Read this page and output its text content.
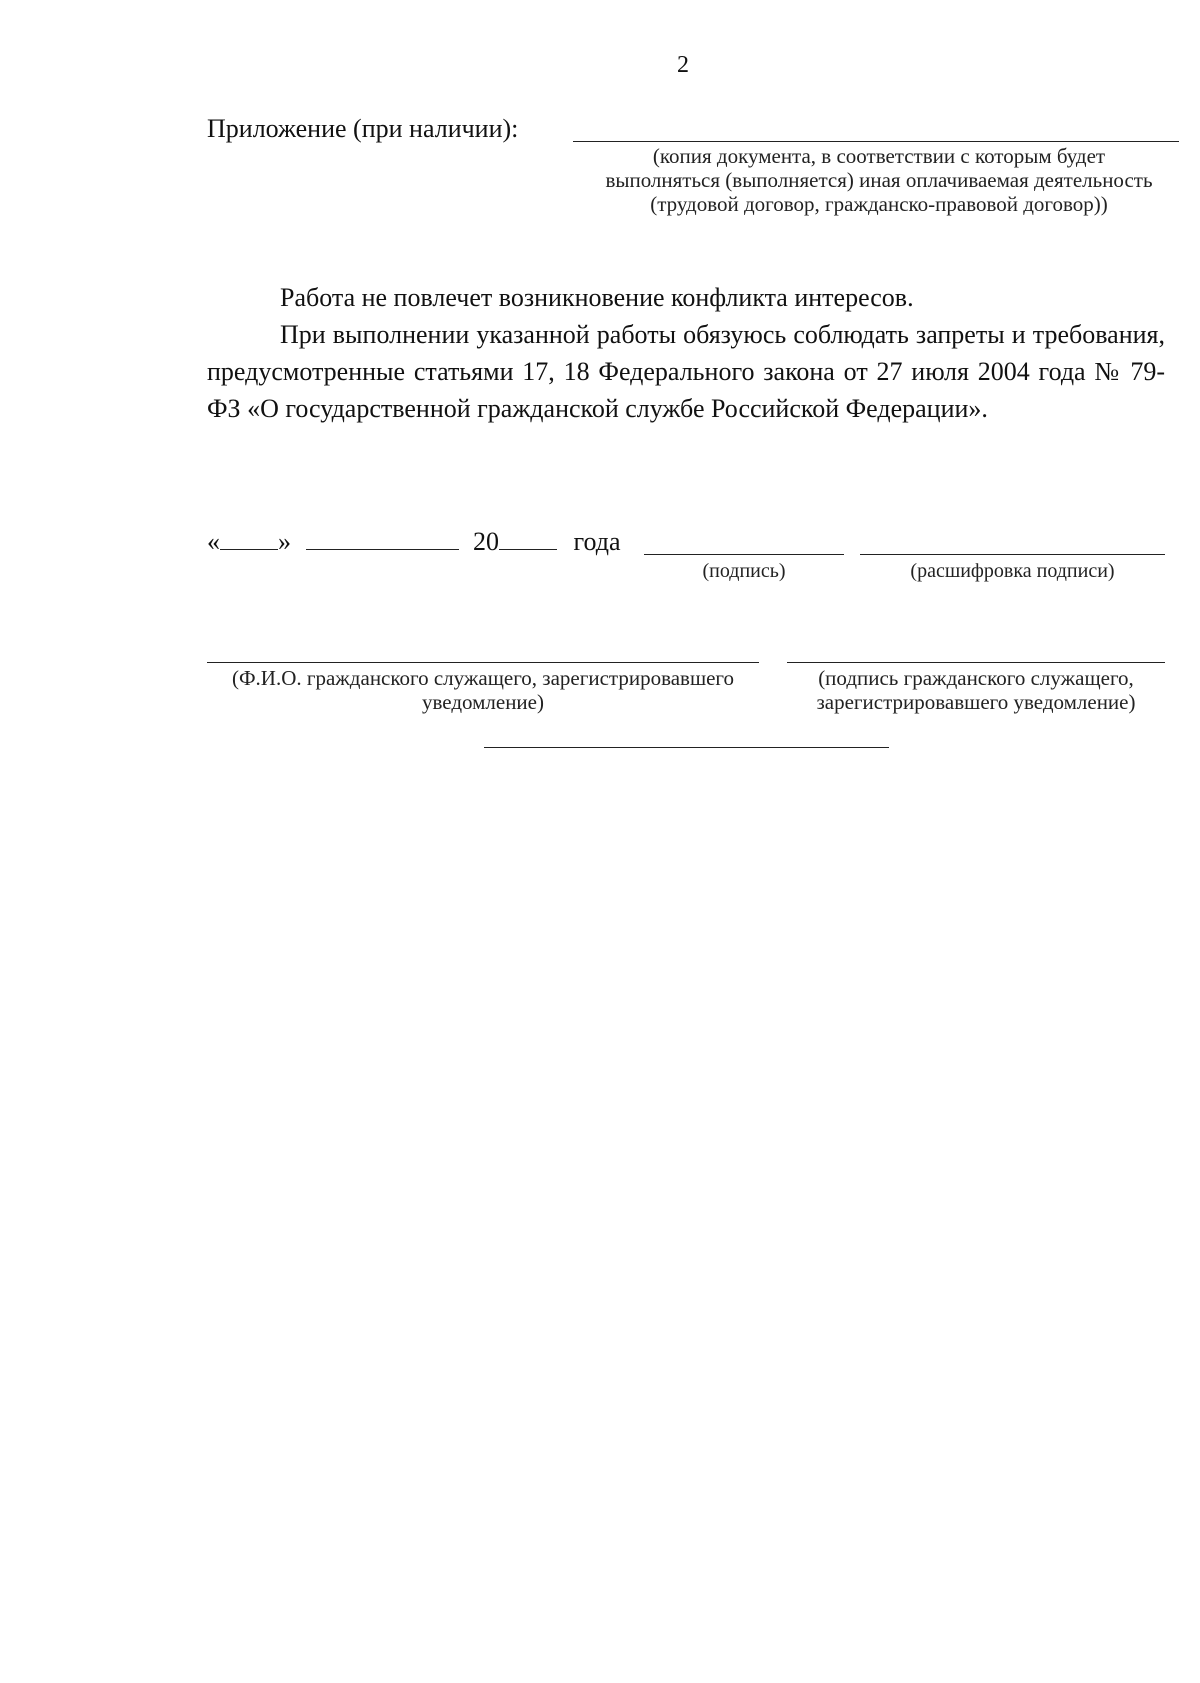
2
Приложение (при наличии):
(копия документа, в соответствии с которым будет выполняться (выполняется) иная оплачиваемая деятельность (трудовой договор, гражданско-правовой договор))

Работа не повлечет возникновение конфликта интересов.

При выполнении указанной работы обязуюсь соблюдать запреты и требования, предусмотренные статьями 17, 18 Федерального закона от 27 июля 2004 года № 79-ФЗ «О государственной гражданской службе Российской Федерации».

« »	20	года
(подпись)	(расшифровка подписи)
(Ф.И.О. гражданского служащего, зарегистрировавшего уведомление)
(подпись гражданского служащего, зарегистрировавшего уведомление)
